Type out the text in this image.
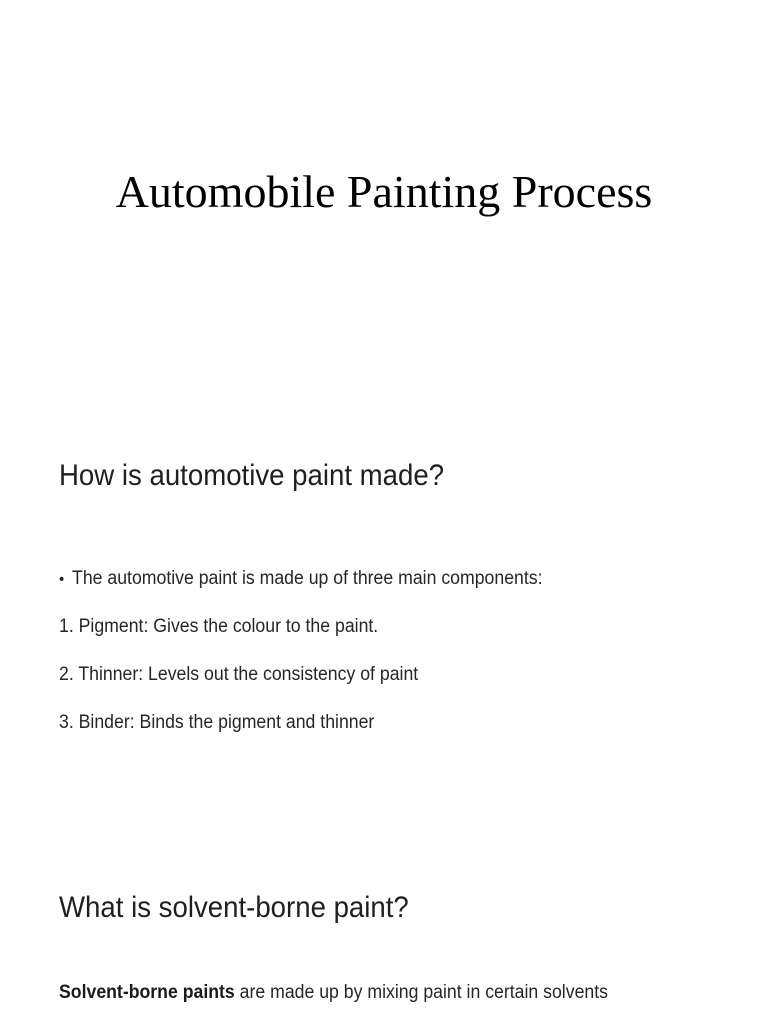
Automobile Painting Process
How is automotive paint made?
• The automotive paint is made up of three main components:
1. Pigment: Gives the colour to the paint.
2. Thinner: Levels out the consistency of paint
3. Binder: Binds the pigment and thinner
What is solvent-borne paint?

Solvent-borne paints are made up by mixing paint in certain solvents
